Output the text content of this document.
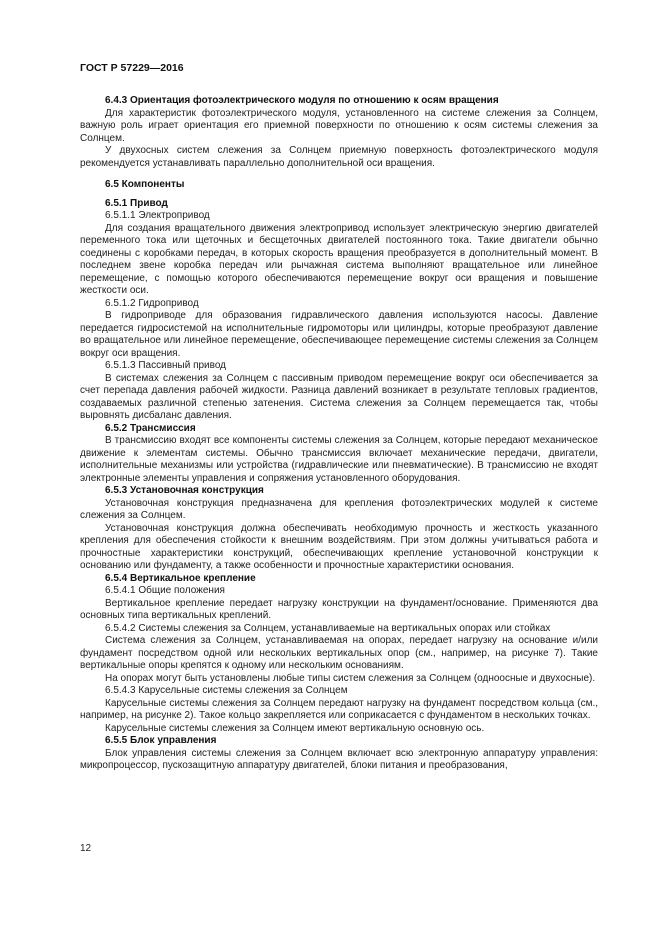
ГОСТ Р 57229—2016

6.4.3 Ориентация фотоэлектрического модуля по отношению к осям вращения

Для характеристик фотоэлектрического модуля, установленного на системе слежения за Солнцем, важную роль играет ориентация его приемной поверхности по отношению к осям системы слежения за Солнцем.

У двухосных систем слежения за Солнцем приемную поверхность фотоэлектрического модуля рекомендуется устанавливать параллельно дополнительной оси вращения.

6.5 Компоненты
6.5.1 Привод
6.5.1.1 Электропривод

Для создания вращательного движения электропривод использует электрическую энергию двигателей переменного тока или щеточных и бесщеточных двигателей постоянного тока. Такие двигатели обычно соединены с коробками передач, в которых скорость вращения преобразуется в дополнительный момент. В последнем звене коробка передач или рычажная система выполняют вращательное или линейное перемещение, с помощью которого обеспечиваются перемещение вокруг оси вращения и повышение жесткости оси.

6.5.1.2 Гидропривод

В гидроприводе для образования гидравлического давления используются насосы. Давление передается гидросистемой на исполнительные гидромоторы или цилиндры, которые преобразуют давление во вращательное или линейное перемещение, обеспечивающее перемещение системы слежения за Солнцем вокруг оси вращения.

6.5.1.3 Пассивный привод

В системах слежения за Солнцем с пассивным приводом перемещение вокруг оси обеспечивается за счет перепада давления рабочей жидкости. Разница давлений возникает в результате тепловых градиентов, создаваемых различной степенью затенения. Система слежения за Солнцем перемещается так, чтобы выровнять дисбаланс давления.

6.5.2 Трансмиссия

В трансмиссию входят все компоненты системы слежения за Солнцем, которые передают механическое движение к элементам системы. Обычно трансмиссия включает механические передачи, двигатели, исполнительные механизмы или устройства (гидравлические или пневматические). В трансмиссию не входят электронные элементы управления и сопряжения установленного оборудования.

6.5.3 Установочная конструкция

Установочная конструкция предназначена для крепления фотоэлектрических модулей к системе слежения за Солнцем.

Установочная конструкция должна обеспечивать необходимую прочность и жесткость указанного крепления для обеспечения стойкости к внешним воздействиям. При этом должны учитываться работа и прочностные характеристики конструкций, обеспечивающих крепление установочной конструкции к основанию или фундаменту, а также особенности и прочностные характеристики основания.

6.5.4 Вертикальное крепление
6.5.4.1 Общие положения

Вертикальное крепление передает нагрузку конструкции на фундамент/основание. Применяются два основных типа вертикальных креплений.

6.5.4.2 Системы слежения за Солнцем, устанавливаемые на вертикальных опорах или стойках

Система слежения за Солнцем, устанавливаемая на опорах, передает нагрузку на основание и/или фундамент посредством одной или нескольких вертикальных опор (см., например, на рисунке 7). Такие вертикальные опоры крепятся к одному или нескольким основаниям.

На опорах могут быть установлены любые типы систем слежения за Солнцем (одноосные и двухосные).

6.5.4.3 Карусельные системы слежения за Солнцем

Карусельные системы слежения за Солнцем передают нагрузку на фундамент посредством кольца (см., например, на рисунке 2). Такое кольцо закрепляется или соприкасается с фундаментом в нескольких точках.

Карусельные системы слежения за Солнцем имеют вертикальную основную ось.

6.5.5 Блок управления

Блок управления системы слежения за Солнцем включает всю электронную аппаратуру управления: микропроцессор, пускозащитную аппаратуру двигателей, блоки питания и преобразования,

12
